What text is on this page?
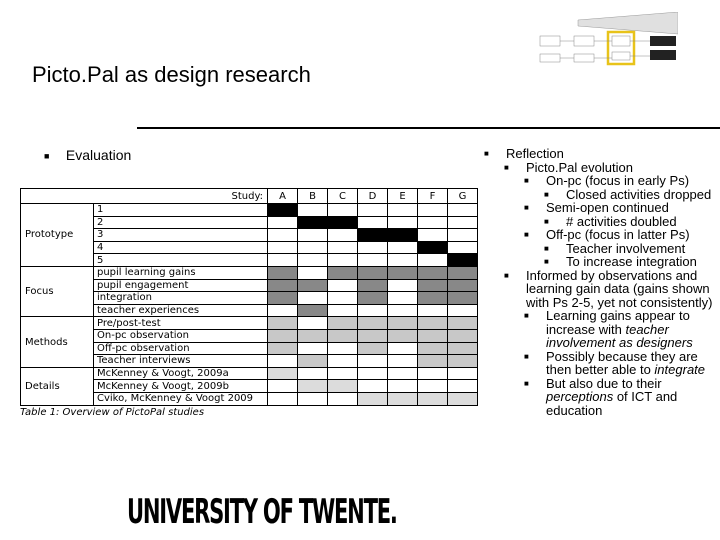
Picto.Pal as design research
■ Evaluation
Study:		A	B	C	D	E	F	G
Prototype	1							
	2							
	3							
	4							
	5							
Focus	pupil learning gains							
	pupil engagement							
	integration							
	teacher experiences							
Methods	Pre/post-test							
	On-pc observation							
	Off-pc observation							
	Teacher interviews							
Details	McKenney & Voogt, 2009a							
	McKenney & Voogt, 2009b							
	Cviko, McKenney & Voogt 2009							
Table 1: Overview of PictoPal studies
■ Reflection
■ Picto.Pal evolution
■ On-pc (focus in early Ps)
■ Closed activities dropped
■ Semi-open continued
■ # activities doubled
■ Off-pc (focus in latter Ps)
■ Teacher involvement
■ To increase integration
■ Informed by observations and learning gain data (gains shown with Ps 2-5, yet not consistently)
■ Learning gains appear to increase with teacher involvement as designers
■ Possibly because they are then better able to integrate
■ But also due to their perceptions of ICT and education
UNIVERSITY OF TWENTE.
